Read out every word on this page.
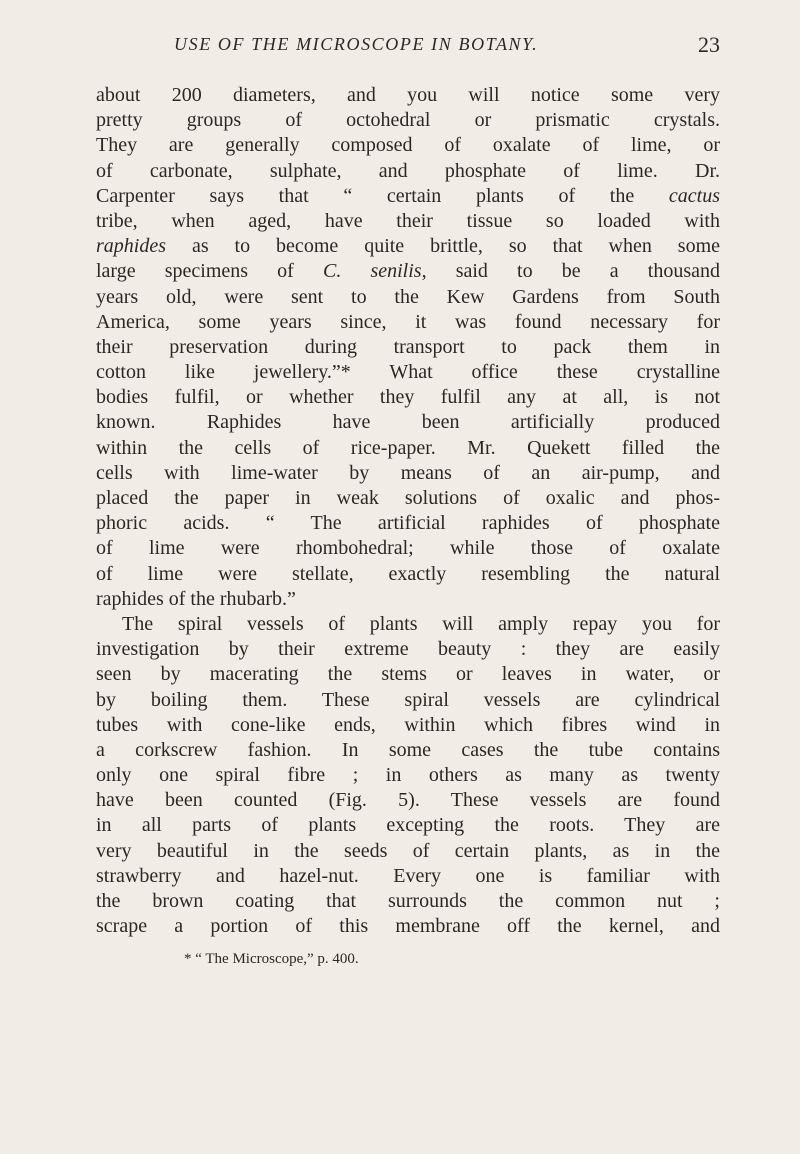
USE OF THE MICROSCOPE IN BOTANY.	23
about 200 diameters, and you will notice some very
pretty groups of octohedral or prismatic crystals.
They are generally composed of oxalate of lime, or
of carbonate, sulphate, and phosphate of lime. Dr.
Carpenter says that “ certain plants of the cactus
tribe, when aged, have their tissue so loaded with
raphides as to become quite brittle, so that when some
large specimens of C. senilis, said to be a thousand
years old, were sent to the Kew Gardens from South
America, some years since, it was found necessary for
their preservation during transport to pack them in
cotton like jewellery.”* What office these crystalline
bodies fulfil, or whether they fulfil any at all, is not
known. Raphides have been artificially produced
within the cells of rice-paper. Mr. Quekett filled the
cells with lime-water by means of an air-pump, and
placed the paper in weak solutions of oxalic and phos-
phoric acids. “ The artificial raphides of phosphate
of lime were rhombohedral; while those of oxalate
of lime were stellate, exactly resembling the natural
raphides of the rhubarb.”
The spiral vessels of plants will amply repay you for
investigation by their extreme beauty : they are easily
seen by macerating the stems or leaves in water, or
by boiling them. These spiral vessels are cylindrical
tubes with cone-like ends, within which fibres wind in
a corkscrew fashion. In some cases the tube contains
only one spiral fibre ; in others as many as twenty
have been counted (Fig. 5). These vessels are found
in all parts of plants excepting the roots. They are
very beautiful in the seeds of certain plants, as in the
strawberry and hazel-nut. Every one is familiar with
the brown coating that surrounds the common nut ;
scrape a portion of this membrane off the kernel, and
* “ The Microscope,” p. 400.
